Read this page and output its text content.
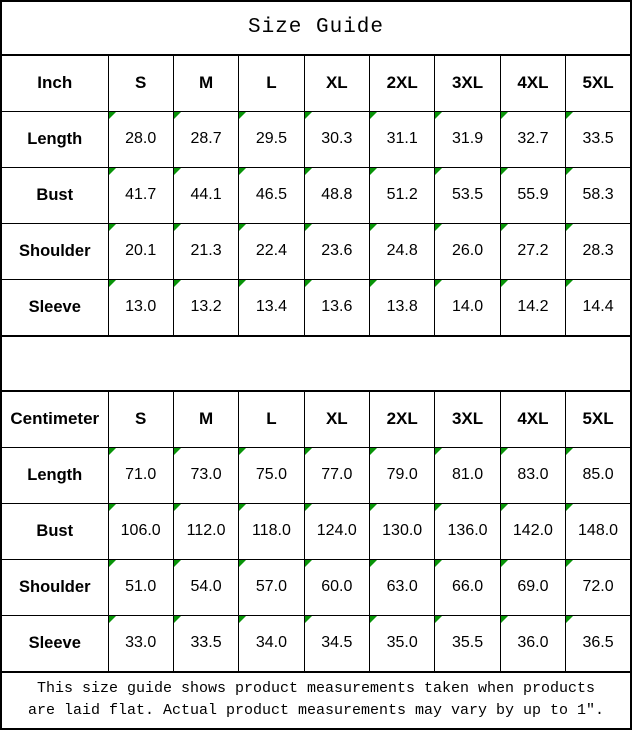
Size Guide								
Inch	S	M	L	XL	2XL	3XL	4XL	5XL
Length	28.0	28.7	29.5	30.3	31.1	31.9	32.7	33.5

Bust	41.7	44.1	46.5	48.8	51.2	53.5	55.9	58.3

Shoulder	20.1	21.3	22.4	23.6	24.8	26.0	27.2	28.3

Sleeve	13.0	13.2	13.4	13.6	13.8	14.0	14.2	14.4

Centimeter	S	M	L	XL	2XL	3XL	4XL	5XL
Length	71.0	73.0	75.0	77.0	79.0	81.0	83.0	85.0

Bust	106.0	112.0	118.0	124.0	130.0	136.0	142.0	148.0

Shoulder	51.0	54.0	57.0	60.0	63.0	66.0	69.0	72.0

Sleeve	33.0	33.5	34.0	34.5	35.0	35.5	36.0	36.5

This size guide shows product measurements taken when products
are laid flat. Actual product measurements may vary by up to 1″.								
